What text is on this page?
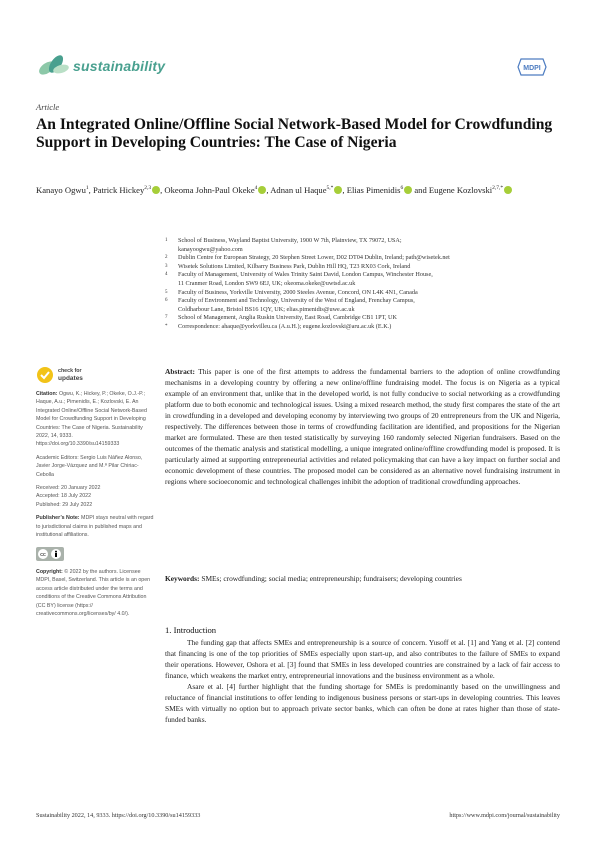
sustainability	MDPI
Article
An Integrated Online/Offline Social Network-Based Model for Crowdfunding Support in Developing Countries: The Case of Nigeria
Kanayo Ogwu$^1$, Patrick Hickey$^{2,3}$ , Okeoma John-Paul Okeke$^4$ , Adnan ul Haque$^{5,*}$ , Elias Pimenidis$^6$ and Eugene Kozlovski$^{2,7,*}$
1	School of Business, Wayland Baptist University, 1900 W 7th, Plainview, TX 79072, USA;
kanayoogwu@yahoo.com
2	Dublin Centre for European Strategy, 20 Stephen Street Lower, D02 DT04 Dublin, Ireland; path@wisetek.net
3	Wisetek Solutions Limited, Kilbarry Business Park, Dublin Hill HQ, T23 RX03 Cork, Ireland
4	Faculty of Management, University of Wales Trinity Saint David, London Campus, Winchester House,
11 Cranmer Road, London SW9 6EJ, UK; okeoma.okeke@uwtsd.ac.uk
5	Faculty of Business, Yorkville University, 2000 Steeles Avenue, Concord, ON L4K 4N1, Canada
6	Faculty of Environment and Technology, University of the West of England, Frenchay Campus,
Coldharbour Lane, Bristol BS16 1QY, UK; elias.pimenidis@uwe.ac.uk
7	School of Management, Anglia Ruskin University, East Road, Cambridge CB1 1PT, UK
*	Correspondence: ahaque@yorkvilleu.ca (A.u.H.); eugene.kozlovski@aru.ac.uk (E.K.)
check for
updates

Citation: Ogwu, K.; Hickey, P.; Okeke, O.J.-P.; Haque, A.u.; Pimenidis, E.; Kozlovski, E. An Integrated Online/Offline Social Network-Based Model for Crowdfunding Support in Developing Countries: The Case of Nigeria. Sustainability 2022, 14, 9333. https://doi.org/10.3390/su14159333

Academic Editors: Sergio Luis Náñez Alonso, Javier Jorge-Vázquez and M.ª Pilar Chiriac-Cebolla

Received: 20 January 2022
Accepted: 18 July 2022
Published: 29 July 2022

Publisher’s Note: MDPI stays neutral with regard to jurisdictional claims in published maps and institutional affiliations.

cc

Copyright: © 2022 by the authors. Licensee MDPI, Basel, Switzerland. This article is an open access article distributed under the terms and conditions of the Creative Commons Attribution (CC BY) license (https:// creativecommons.org/licenses/by/ 4.0/).

Abstract: This paper is one of the first attempts to address the fundamental barriers to the adoption of online crowdfunding mechanisms in a developing country by offering a new online/offline fundraising model. The focus is on Nigeria as a typical example of an environment that, unlike that in the developed world, is not fully conducive to social networking as a crowdfunding platform due to both economic and technological issues. Using a mixed research method, the study first compares the state of the art in crowdfunding in a developed and developing economy by interviewing two groups of 20 entrepreneurs from the UK and Nigeria, respectively. The differences between those in terms of crowdfunding facilitation are identified, and propositions for the Nigerian market are formulated. These are then tested statistically by surveying 160 randomly selected Nigerian fundraisers. Based on the outcomes of the thematic analysis and statistical modelling, a unique integrated online/offline crowdfunding model is proposed. It is particularly aimed at supporting entrepreneurial activities and related policymaking that can have a key impact on further social and economic development of these countries. The proposed model can be considered as an alternative novel fundraising instrument in regions where socioeconomic and technological challenges inhibit the adoption of traditional crowdfunding approaches.
Keywords: SMEs; crowdfunding; social media; entrepreneurship; fundraisers; developing countries
1. Introduction

The funding gap that affects SMEs and entrepreneurship is a source of concern. Yusoff et al. [1] and Yang et al. [2] contend that financing is one of the top priorities of SMEs especially upon start-up, and also contributes to the failure of SMEs to expand their operations. However, Oshora et al. [3] found that SMEs in less developed countries are constrained by a lack of fair access to finance, which weakens the market entry, entrepreneurial innovations and the business environment as a whole.

Asare et al. [4] further highlight that the funding shortage for SMEs is predominantly based on the unwillingness and reluctance of financial institutions to offer lending to indigenous business persons or start-ups in developing countries. This leaves SMEs with virtually no option but to approach private sector banks, which can often be done at rates higher than those of state-funded banks.

Sustainability 2022, 14, 9333. https://doi.org/10.3390/su14159333	https://www.mdpi.com/journal/sustainability
